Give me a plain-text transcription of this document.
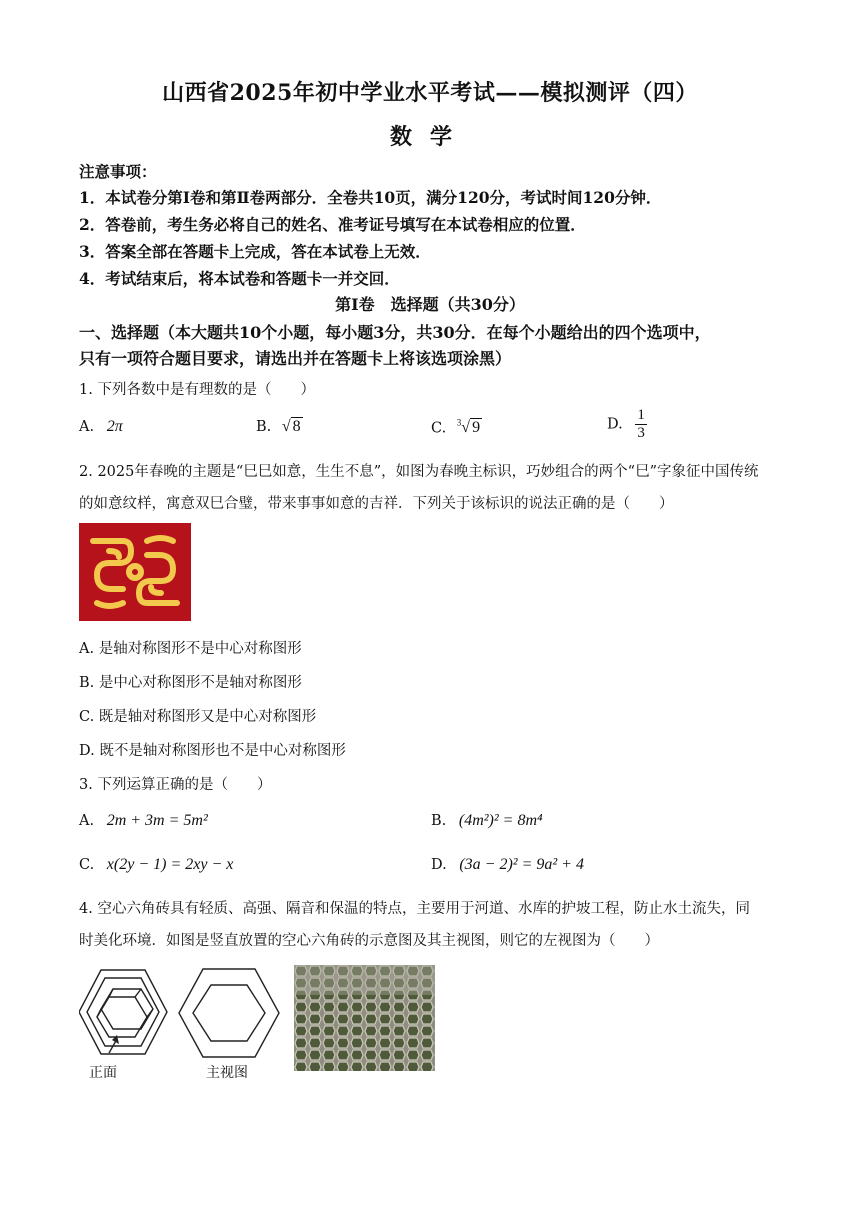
山西省2025年初中学业水平考试——模拟测评（四）
数学
注意事项：
1．本试卷分第Ⅰ卷和第Ⅱ卷两部分．全卷共10页，满分120分，考试时间120分钟．
2．答卷前，考生务必将自己的姓名、准考证号填写在本试卷相应的位置．
3．答案全部在答题卡上完成，答在本试卷上无效．
4．考试结束后，将本试卷和答题卡一并交回．
第Ⅰ卷　选择题（共30分）
一、选择题（本大题共10个小题，每小题3分，共30分．在每个小题给出的四个选项中，
只有一项符合题目要求，请选出并在答题卡上将该选项涂黑）
1. 下列各数中是有理数的是（　　）
A. 2π	B. √ 8	C. $^3$√ 9	D. $\frac{1}{3}$
2. 2025年春晚的主题是“巳巳如意，生生不息”，如图为春晚主标识，巧妙组合的两个“巳”字象征中国传统
的如意纹样，寓意双巳合璧，带来事事如意的吉祥．下列关于该标识的说法正确的是（　　）
A. 是轴对称图形不是中心对称图形
B. 是中心对称图形不是轴对称图形
C. 既是轴对称图形又是中心对称图形
D. 既不是轴对称图形也不是中心对称图形
3. 下列运算正确的是（　　）
A. 2m + 3m = 5m²	B. (4m²)² = 8m⁴
C. x(2y − 1) = 2xy − x	D. (3a − 2)² = 9a² + 4
4. 空心六角砖具有轻质、高强、隔音和保温的特点，主要用于河道、水库的护坡工程，防止水土流失，同
时美化环境．如图是竖直放置的空心六角砖的示意图及其主视图，则它的左视图为（　　）
正面	主视图
